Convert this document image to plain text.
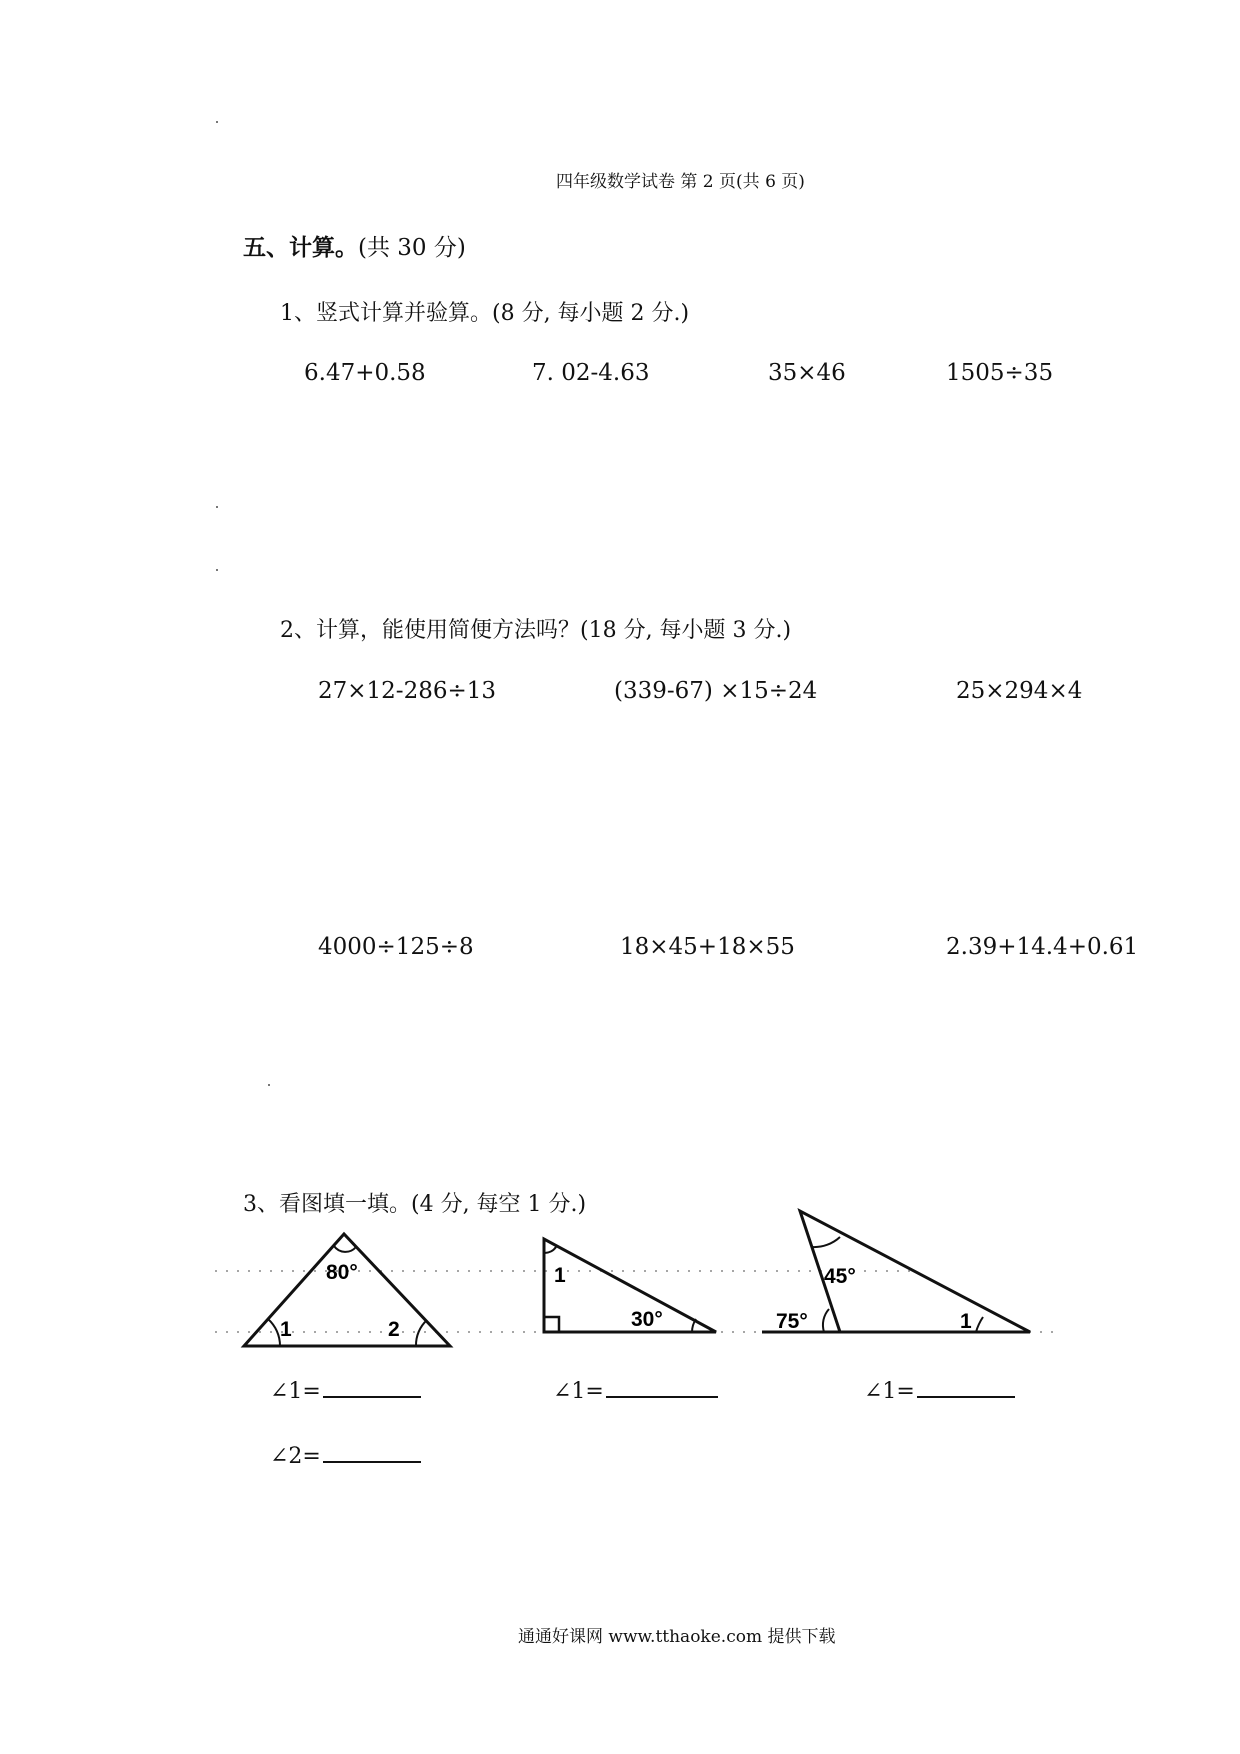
四年级数学试卷 第 2 页(共 6 页)
五、计算。(共 30 分)
1、竖式计算并验算。(8 分, 每小题 2 分.)
6.47+0.58	7. 02-4.63	35×46	1505÷35
2、计算，能使用简便方法吗？(18 分, 每小题 3 分.)
27×12-286÷13	(339-67) ×15÷24	25×294×4
4000÷125÷8	18×45+18×55	2.39+14.4+0.61
3、看图填一填。(4 分, 每空 1 分.)
80°
1	2
1
30°
45°
75°	1
∠1=	∠1=	∠1=
∠2=
通通好课网 www.tthaoke.com 提供下载
